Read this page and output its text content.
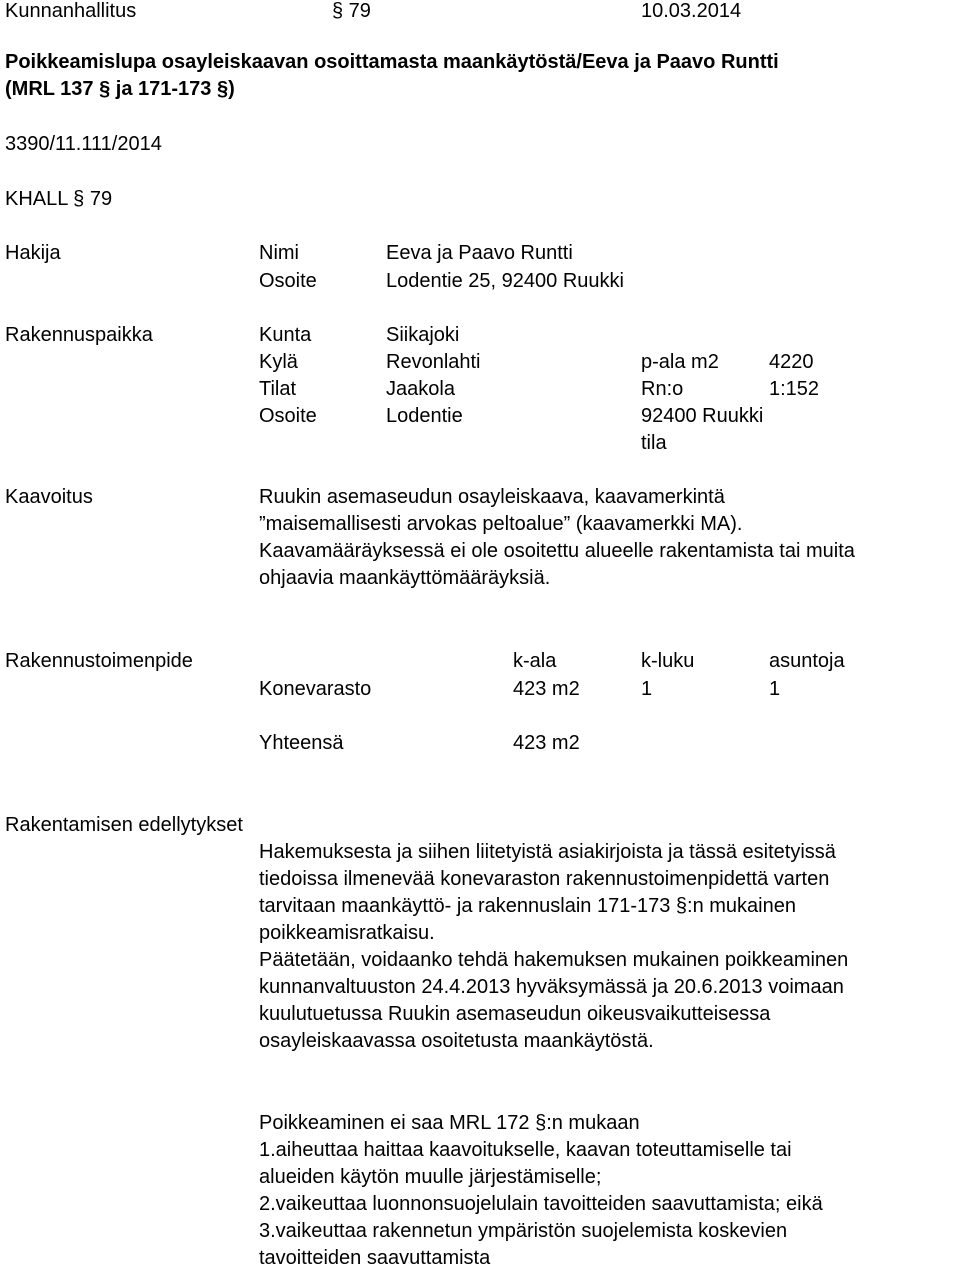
Kunnanhallitus	§ 79	10.03.2014
Poikkeamislupa osayleiskaavan osoittamasta maankäytöstä/Eeva ja Paavo Runtti
(MRL 137 § ja 171-173 §)
3390/11.111/2014
KHALL § 79
Hakija	Nimi	Eeva ja Paavo Runtti
Osoite	Lodentie 25, 92400 Ruukki
Rakennuspaikka	Kunta	Siikajoki
Kylä	Revonlahti	p-ala m2	4220
Tilat	Jaakola	Rn:o	1:152
Osoite	Lodentie	92400 Ruukki
tila
Kaavoitus	Ruukin asemaseudun osayleiskaava, kaavamerkintä
”maisemallisesti arvokas peltoalue” (kaavamerkki MA).
Kaavamääräyksessä ei ole osoitettu alueelle rakentamista tai muita
ohjaavia maankäyttömääräyksiä.
Rakennustoimenpide	k-ala	k-luku	asuntoja
Konevarasto	423 m2	1	1
Yhteensä	423 m2
Rakentamisen edellytykset
Hakemuksesta ja siihen liitetyistä asiakirjoista ja tässä esitetyissä
tiedoissa ilmenevää konevaraston rakennustoimenpidettä varten
tarvitaan maankäyttö- ja rakennuslain 171-173 §:n mukainen
poikkeamisratkaisu.
Päätetään, voidaanko tehdä hakemuksen mukainen poikkeaminen
kunnanvaltuuston 24.4.2013 hyväksymässä ja 20.6.2013 voimaan
kuulutuetussa Ruukin asemaseudun oikeusvaikutteisessa
osayleiskaavassa osoitetusta maankäytöstä.
Poikkeaminen ei saa MRL 172 §:n mukaan
1.aiheuttaa haittaa kaavoitukselle, kaavan toteuttamiselle tai
alueiden käytön muulle järjestämiselle;
2.vaikeuttaa luonnonsuojelulain tavoitteiden saavuttamista; eikä
3.vaikeuttaa rakennetun ympäristön suojelemista koskevien
tavoitteiden saavuttamista
